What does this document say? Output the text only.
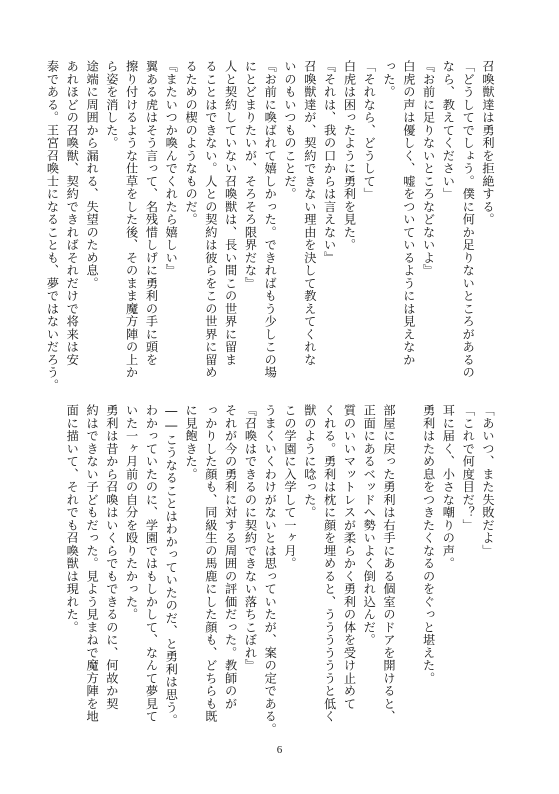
召喚獣達は勇利を拒絶する。
「どうしてでしょう。僕に何か足りないところがあるの
なら、教えてください」
『お前に足りないところなどないよ』
白虎の声は優しく、嘘をついているようには見えなか
った。
「それなら、どうして」
白虎は困ったように勇利を見た。
『それは、我の口からは言えない』
召喚獣達が、契約できない理由を決して教えてくれな
いのもいつものことだ。
『お前に喚ばれて嬉しかった。できればもう少しこの場
にとどまりたいが、そろそろ限界だな』
人と契約していない召喚獣は、長い間この世界に留ま
ることはできない。人との契約は彼らをこの世界に留め
るための楔のようなものだ。
『またいつか喚んでくれたら嬉しい』
翼ある虎はそう言って、名残惜しげに勇利の手に頭を
擦り付けるような仕草をした後、そのまま魔方陣の上か
ら姿を消した。
途端に周囲から漏れる、失望のため息。
あれほどの召喚獣、契約できればそれだけで将来は安
泰である。王宮召喚士になることも、夢ではないだろう。
「あいつ、また失敗だよ」
「これで何度目だ？」
耳に届く、小さな嘲りの声。
勇利はため息をつきたくなるのをぐっと堪えた。

部屋に戻った勇利は右手にある個室のドアを開けると、
正面にあるベッドへ勢いよく倒れ込んだ。
質のいいマットレスが柔らかく勇利の体を受け止めて
くれる。勇利は枕に顔を埋めると、ううううううと低く
獣のように唸った。
この学園に入学して一ヶ月。
うまくいくわけがないとは思っていたが、案の定である。
『召喚はできるのに契約できない落ちこぼれ』
それが今の勇利に対する周囲の評価だった。教師のが
っかりした顔も、同級生の馬鹿にした顔も、どちらも既
に見飽きた。
――こうなることはわかっていたのだ、と勇利は思う。
わかっていたのに、学園ではもしかして、なんて夢見て
いた一ヶ月前の自分を殴りたかった。
勇利は昔から召喚はいくらでもできるのに、何故か契
約はできない子どもだった。見よう見まねで魔方陣を地
面に描いて、それでも召喚獣は現れた。
6
